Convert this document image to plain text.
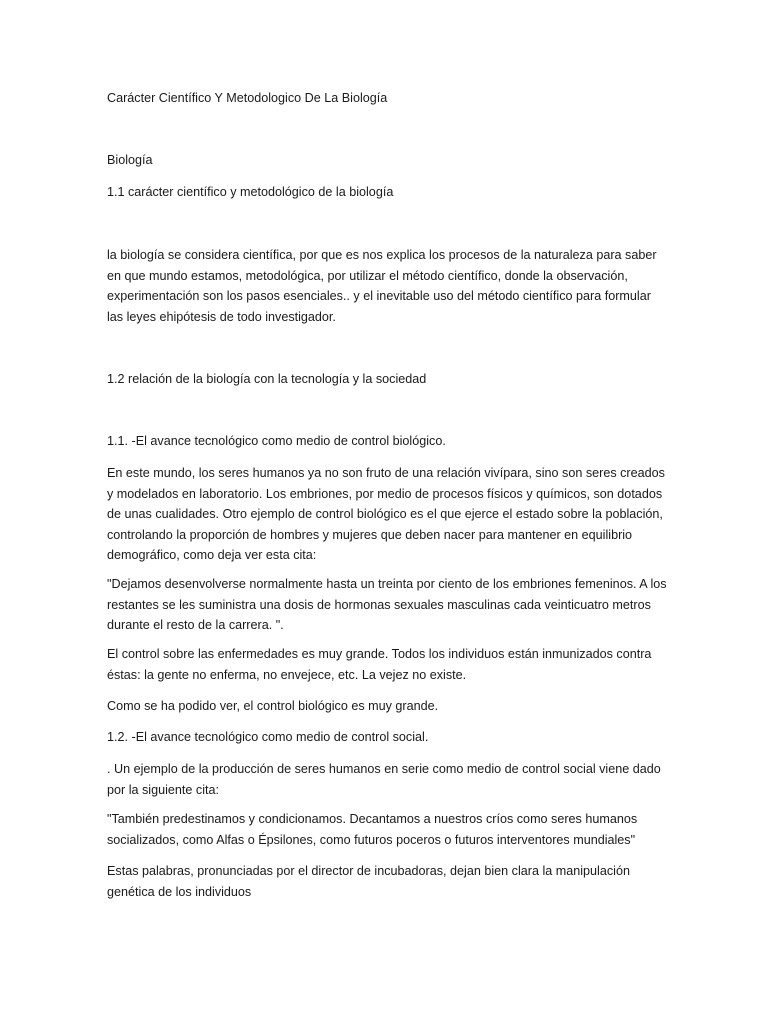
Carácter Científico Y Metodologico De La Biología

Biología

1.1 carácter científico y metodológico de la biología

la biología se considera científica, por que es nos explica los procesos de la naturaleza para saber en que mundo estamos, metodológica, por utilizar el método científico, donde la observación, experimentación son los pasos esenciales.. y el inevitable uso del método científico para formular las leyes ehipótesis de todo investigador.

1.2 relación de la biología con la tecnología y la sociedad

1.1. -El avance tecnológico como medio de control biológico.

En este mundo, los seres humanos ya no son fruto de una relación vivípara, sino son seres creados y modelados en laboratorio. Los embriones, por medio de procesos físicos y químicos, son dotados de unas cualidades. Otro ejemplo de control biológico es el que ejerce el estado sobre la población, controlando la proporción de hombres y mujeres que deben nacer para mantener en equilibrio demográfico, como deja ver esta cita:

"Dejamos desenvolverse normalmente hasta un treinta por ciento de los embriones femeninos. A los restantes se les suministra una dosis de hormonas sexuales masculinas cada veinticuatro metros durante el resto de la carrera. ".

El control sobre las enfermedades es muy grande. Todos los individuos están inmunizados contra éstas: la gente no enferma, no envejece, etc. La vejez no existe.

Como se ha podido ver, el control biológico es muy grande.

1.2. -El avance tecnológico como medio de control social.

. Un ejemplo de la producción de seres humanos en serie como medio de control social viene dado por la siguiente cita:

"También predestinamos y condicionamos. Decantamos a nuestros críos como seres humanos socializados, como Alfas o Épsilones, como futuros poceros o futuros interventores mundiales"

Estas palabras, pronunciadas por el director de incubadoras, dejan bien clara la manipulación genética de los individuos
